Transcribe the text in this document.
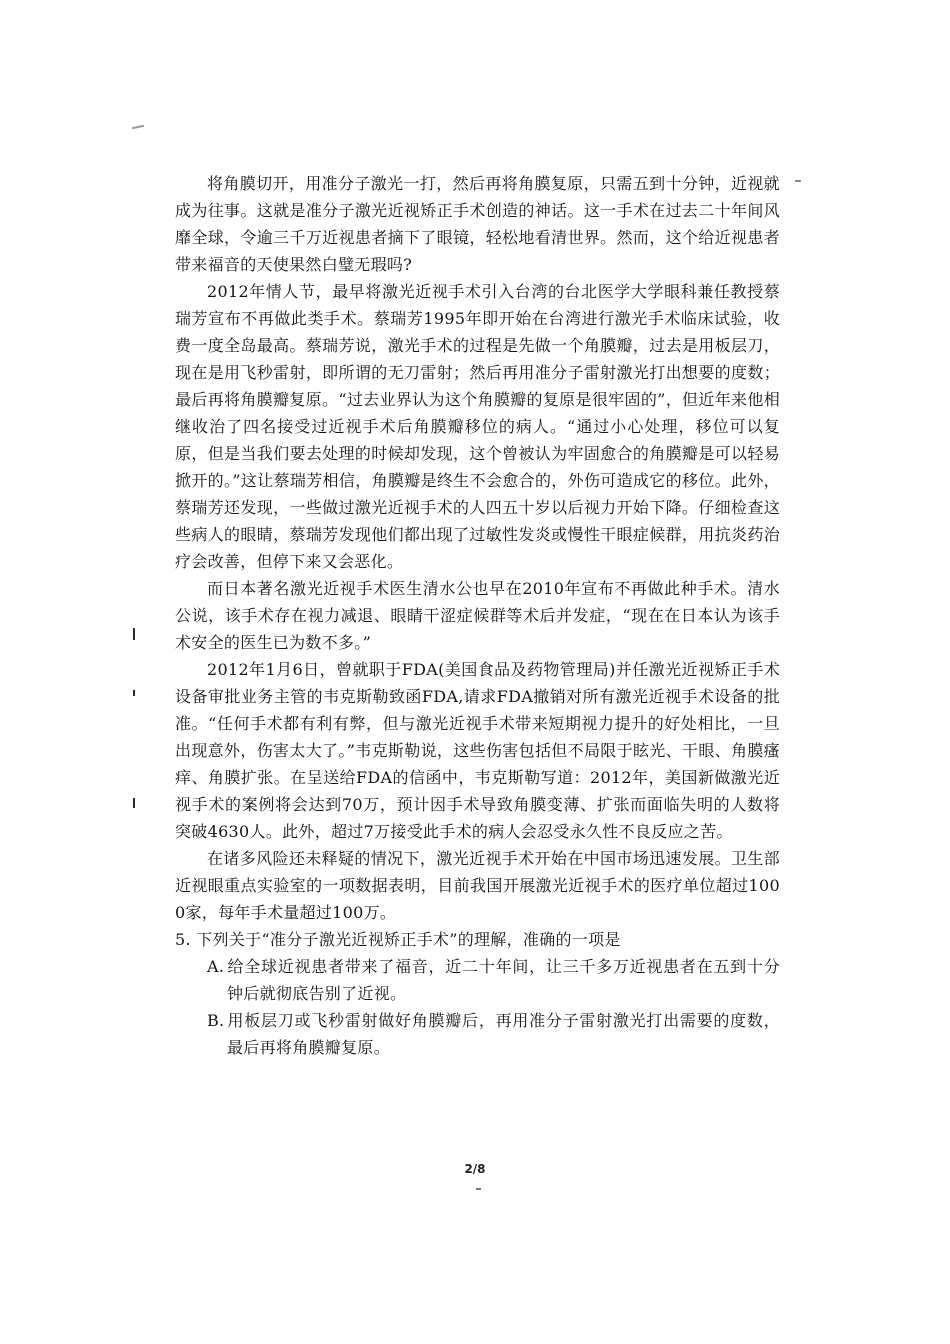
将角膜切开，用准分子激光一打，然后再将角膜复原，只需五到十分钟，近视就成为往事。这就是准分子激光近视矫正手术创造的神话。这一手术在过去二十年间风靡全球，令逾三千万近视患者摘下了眼镜，轻松地看清世界。然而，这个给近视患者带来福音的天使果然白璧无瑕吗?

2012年情人节，最早将激光近视手术引入台湾的台北医学大学眼科兼任教授蔡瑞芳宣布不再做此类手术。蔡瑞芳1995年即开始在台湾进行激光手术临床试验，收费一度全岛最高。蔡瑞芳说，激光手术的过程是先做一个角膜瓣，过去是用板层刀，现在是用飞秒雷射，即所谓的无刀雷射；然后再用准分子雷射激光打出想要的度数；最后再将角膜瓣复原。“过去业界认为这个角膜瓣的复原是很牢固的”，但近年来他相继收治了四名接受过近视手术后角膜瓣移位的病人。“通过小心处理，移位可以复原，但是当我们要去处理的时候却发现，这个曾被认为牢固愈合的角膜瓣是可以轻易掀开的。”这让蔡瑞芳相信，角膜瓣是终生不会愈合的，外伤可造成它的移位。此外，蔡瑞芳还发现，一些做过激光近视手术的人四五十岁以后视力开始下降。仔细检查这些病人的眼睛，蔡瑞芳发现他们都出现了过敏性发炎或慢性干眼症候群，用抗炎药治疗会改善，但停下来又会恶化。

而日本著名激光近视手术医生清水公也早在2010年宣布不再做此种手术。清水公说，该手术存在视力减退、眼睛干涩症候群等术后并发症，“现在在日本认为该手术安全的医生已为数不多。”

2012年1月6日，曾就职于FDA(美国食品及药物管理局)并任激光近视矫正手术设备审批业务主管的韦克斯勒致函FDA,请求FDA撤销对所有激光近视手术设备的批准。“任何手术都有利有弊，但与激光近视手术带来短期视力提升的好处相比，一旦出现意外，伤害太大了。”韦克斯勒说，这些伤害包括但不局限于眩光、干眼、角膜瘙痒、角膜扩张。在呈送给FDA的信函中，韦克斯勒写道：2012年，美国新做激光近视手术的案例将会达到70万，预计因手术导致角膜变薄、扩张而面临失明的人数将突破4630人。此外，超过7万接受此手术的病人会忍受永久性不良反应之苦。

在诸多风险还未释疑的情况下，激光近视手术开始在中国市场迅速发展。卫生部近视眼重点实验室的一项数据表明，目前我国开展激光近视手术的医疗单位超过1000家，每年手术量超过100万。

5. 下列关于“准分子激光近视矫正手术”的理解，准确的一项是

A. 给全球近视患者带来了福音，近二十年间，让三千多万近视患者在五到十分钟后就彻底告别了近视。

B. 用板层刀或飞秒雷射做好角膜瓣后，再用准分子雷射激光打出需要的度数，最后再将角膜瓣复原。

2/8
